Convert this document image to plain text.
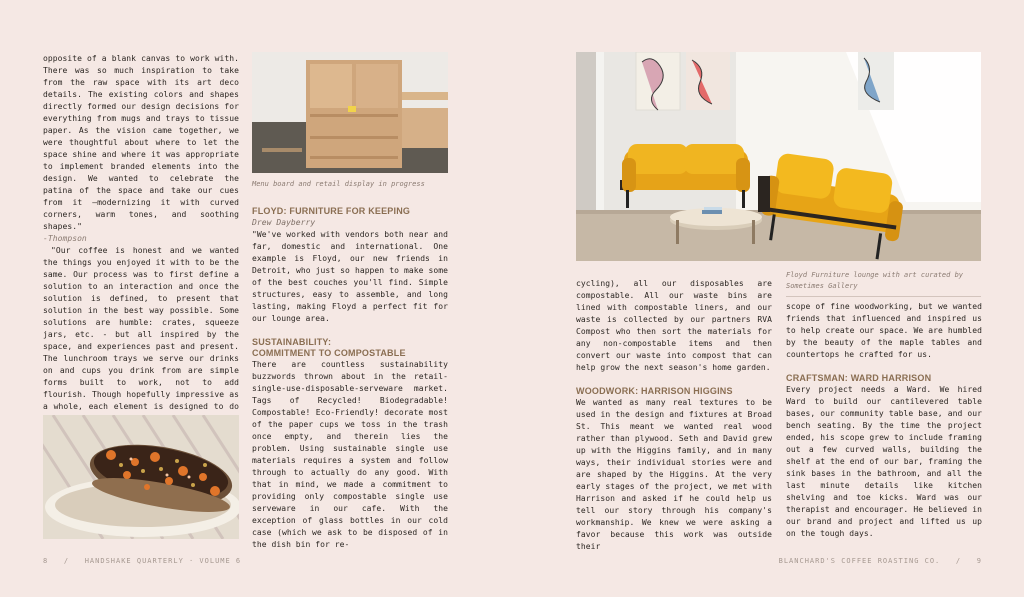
opposite of a blank canvas to work with. There was so much inspiration to take from the raw space with its art deco details. The existing colors and shapes directly formed our design decisions for everything from mugs and trays to tissue paper. As the vision came together, we were thoughtful about where to let the space shine and where it was appropriate to implement branded elements into the design. We wanted to celebrate the patina of the space and take our cues from it –modernizing it with curved corners, warm tones, and soothing shapes."

-Thompson

"Our coffee is honest and we wanted the things you enjoyed it with to be the same. Our process was to first define a solution to an interaction and once the solution is defined, to present that solution in the best way possible. Some solutions are humble: crates, squeeze jars, etc. - but all inspired by the space, and experiences past and present. The lunchroom trays we serve our drinks on and cups you drink from are simple forms built to work, not to add flourish. Though hopefully impressive as a whole, each element is designed to do

Menu board and retail display in progress

FLOYD: FURNITURE FOR KEEPING

Drew Dayberry

"We've worked with vendors both near and far, domestic and international. One example is Floyd, our new friends in Detroit, who just so happen to make some of the best couches you'll find. Simple structures, easy to assemble, and long lasting, making Floyd a perfect fit for our lounge area.

SUSTAINABILITY:

COMMITMENT TO COMPOSTABLE

There are countless sustainability buzzwords thrown about in the retail-single-use-disposable-serveware market. Tags of Recycled! Biodegradable! Compostable! Eco-Friendly! decorate most of the paper cups we toss in the trash once empty, and therein lies the problem. Using sustainable single use materials requires a system and follow through to actually do any good. With that in mind, we made a commitment to providing only compostable single use serveware in our cafe. With the exception of glass bottles in our cold case (which we ask to be disposed of in the dish bin for re-

8   /   HANDSHAKE QUARTERLY · VOLUME 6
Floyd Furniture lounge with art curated by Sometimes Gallery

cycling), all our disposables are compostable. All our waste bins are lined with compostable liners, and our waste is collected by our partners RVA Compost who then sort the materials for any non-compostable items and then convert our waste into compost that can help grow the next season's home garden.

WOODWORK: HARRISON HIGGINS

We wanted as many real textures to be used in the design and fixtures at Broad St. This meant we wanted real wood rather than plywood. Seth and David grew up with the Higgins family, and in many ways, their individual stories were and are shaped by the Higgins. At the very early stages of the project, we met with Harrison and asked if he could help us tell our story through his company's workmanship. We knew we were asking a favor because this work was outside their

scope of fine woodworking, but we wanted friends that influenced and inspired us to help create our space. We are humbled by the beauty of the maple tables and countertops he crafted for us.

CRAFTSMAN: WARD HARRISON

Every project needs a Ward. We hired Ward to build our cantilevered table bases, our community table base, and our bench seating. By the time the project ended, his scope grew to include framing out a few curved walls, building the shelf at the end of our bar, framing the sink bases in the bathroom, and all the last minute details like kitchen shelving and toe kicks. Ward was our therapist and encourager. He believed in our brand and project and lifted us up on the tough days.

BLANCHARD'S COFFEE ROASTING CO.   /   9
